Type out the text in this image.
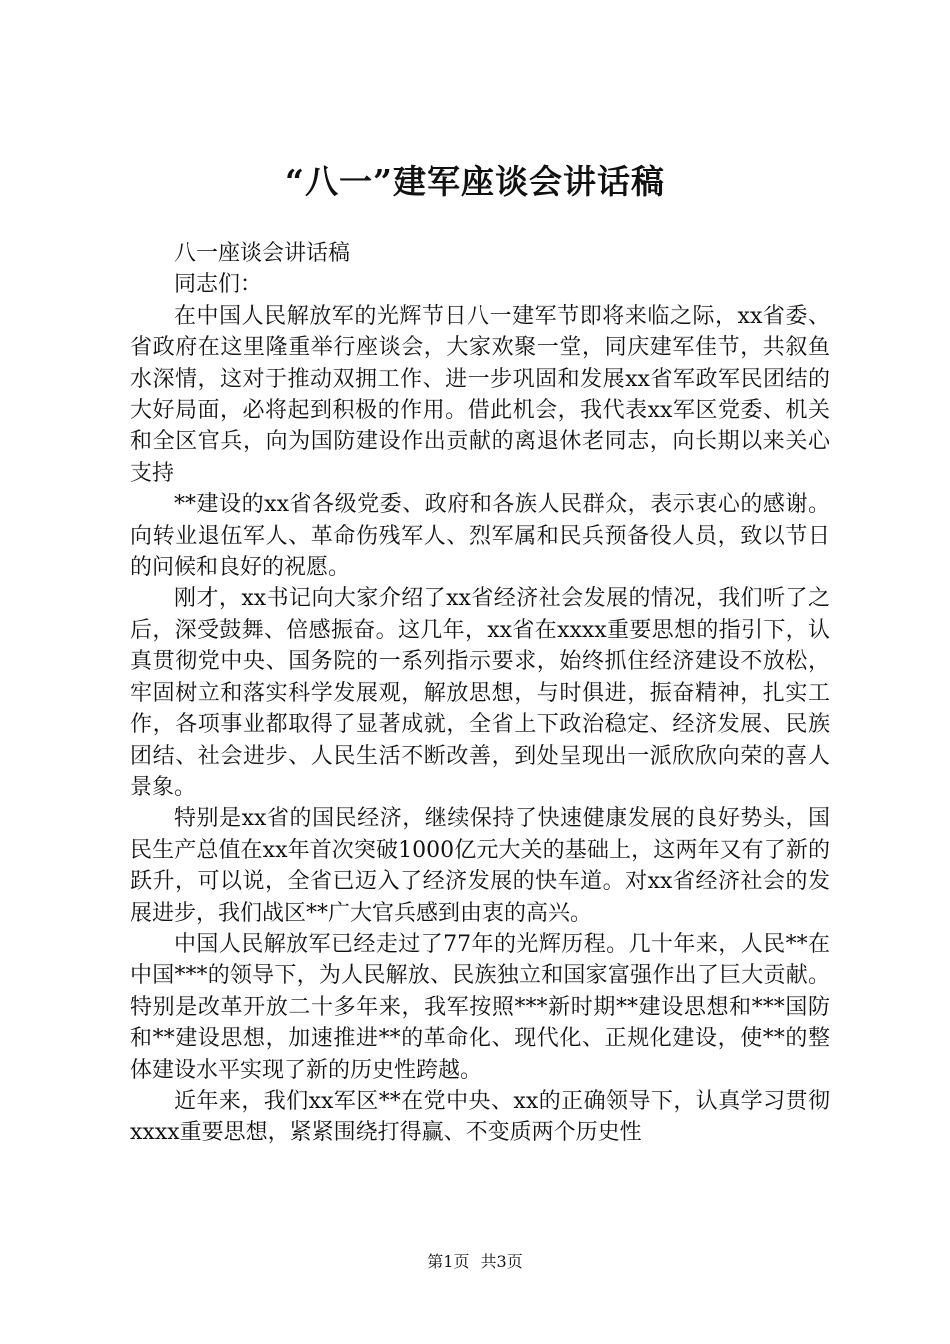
“八一”建军座谈会讲话稿

八一座谈会讲话稿

同志们：

在中国人民解放军的光辉节日八一建军节即将来临之际，xx省委、省政府在这里隆重举行座谈会，大家欢聚一堂，同庆建军佳节，共叙鱼水深情，这对于推动双拥工作、进一步巩固和发展xx省军政军民团结的大好局面，必将起到积极的作用。借此机会，我代表xx军区党委、机关和全区官兵，向为国防建设作出贡献的离退休老同志，向长期以来关心支持

**建设的xx省各级党委、政府和各族人民群众，表示衷心的感谢。向转业退伍军人、革命伤残军人、烈军属和民兵预备役人员，致以节日的问候和良好的祝愿。

刚才，xx书记向大家介绍了xx省经济社会发展的情况，我们听了之后，深受鼓舞、倍感振奋。这几年，xx省在xxxx重要思想的指引下，认真贯彻党中央、国务院的一系列指示要求，始终抓住经济建设不放松，牢固树立和落实科学发展观，解放思想，与时俱进，振奋精神，扎实工作，各项事业都取得了显著成就，全省上下政治稳定、经济发展、民族团结、社会进步、人民生活不断改善，到处呈现出一派欣欣向荣的喜人景象。

特别是xx省的国民经济，继续保持了快速健康发展的良好势头，国民生产总值在xx年首次突破1000亿元大关的基础上，这两年又有了新的跃升，可以说，全省已迈入了经济发展的快车道。对xx省经济社会的发展进步，我们战区**广大官兵感到由衷的高兴。

中国人民解放军已经走过了77年的光辉历程。几十年来，人民**在中国***的领导下，为人民解放、民族独立和国家富强作出了巨大贡献。特别是改革开放二十多年来，我军按照***新时期**建设思想和***国防和**建设思想，加速推进**的革命化、现代化、正规化建设，使**的整体建设水平实现了新的历史性跨越。

近年来，我们xx军区**在党中央、xx的正确领导下，认真学习贯彻xxxx重要思想，紧紧围绕打得赢、不变质两个历史性

第1页 共3页
